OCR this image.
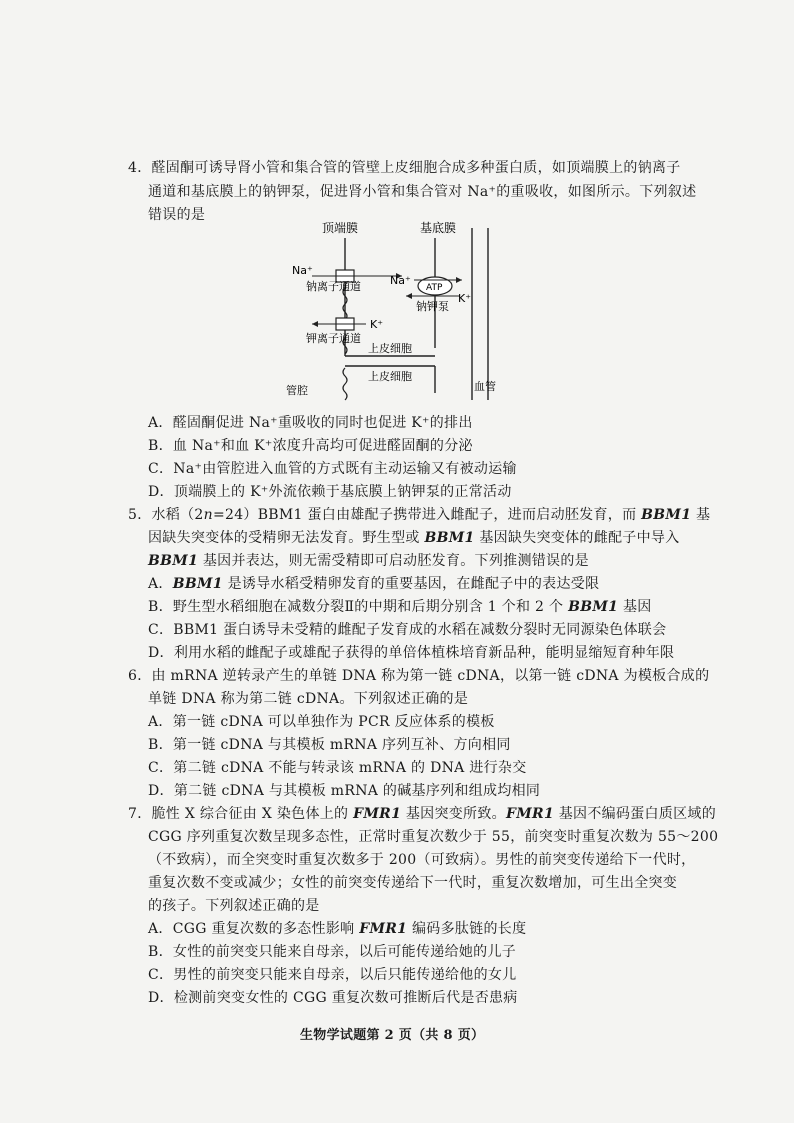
4．醛固酮可诱导肾小管和集合管的管壁上皮细胞合成多种蛋白质，如顶端膜上的钠离子
通道和基底膜上的钠钾泵，促进肾小管和集合管对 Na⁺的重吸收，如图所示。下列叙述
错误的是
顶端膜	基底膜
Na⁺
钠离子通道	Na⁺
ATP
K⁺
钠钾泵
K⁺
钾离子通道
上皮细胞
上皮细胞
管腔	血管
A．醛固酮促进 Na⁺重吸收的同时也促进 K⁺的排出
B．血 Na⁺和血 K⁺浓度升高均可促进醛固酮的分泌
C．Na⁺由管腔进入血管的方式既有主动运输又有被动运输
D．顶端膜上的 K⁺外流依赖于基底膜上钠钾泵的正常活动
5．水稻（2n=24）BBM1 蛋白由雄配子携带进入雌配子，进而启动胚发育，而 BBM1 基
因缺失突变体的受精卵无法发育。野生型或 BBM1 基因缺失突变体的雌配子中导入
BBM1 基因并表达，则无需受精即可启动胚发育。下列推测错误的是
A．BBM1 是诱导水稻受精卵发育的重要基因，在雌配子中的表达受限
B．野生型水稻细胞在减数分裂Ⅱ的中期和后期分别含 1 个和 2 个 BBM1 基因
C．BBM1 蛋白诱导未受精的雌配子发育成的水稻在减数分裂时无同源染色体联会
D．利用水稻的雌配子或雄配子获得的单倍体植株培育新品种，能明显缩短育种年限
6．由 mRNA 逆转录产生的单链 DNA 称为第一链 cDNA，以第一链 cDNA 为模板合成的
单链 DNA 称为第二链 cDNA。下列叙述正确的是
A．第一链 cDNA 可以单独作为 PCR 反应体系的模板
B．第一链 cDNA 与其模板 mRNA 序列互补、方向相同
C．第二链 cDNA 不能与转录该 mRNA 的 DNA 进行杂交
D．第二链 cDNA 与其模板 mRNA 的碱基序列和组成均相同
7．脆性 X 综合征由 X 染色体上的 FMR1 基因突变所致。FMR1 基因不编码蛋白质区域的
CGG 序列重复次数呈现多态性，正常时重复次数少于 55，前突变时重复次数为 55～200
（不致病），而全突变时重复次数多于 200（可致病）。男性的前突变传递给下一代时，
重复次数不变或减少；女性的前突变传递给下一代时，重复次数增加，可生出全突变
的孩子。下列叙述正确的是
A．CGG 重复次数的多态性影响 FMR1 编码多肽链的长度
B．女性的前突变只能来自母亲，以后可能传递给她的儿子
C．男性的前突变只能来自母亲，以后只能传递给他的女儿
D．检测前突变女性的 CGG 重复次数可推断后代是否患病
生物学试题第 2 页（共 8 页）
